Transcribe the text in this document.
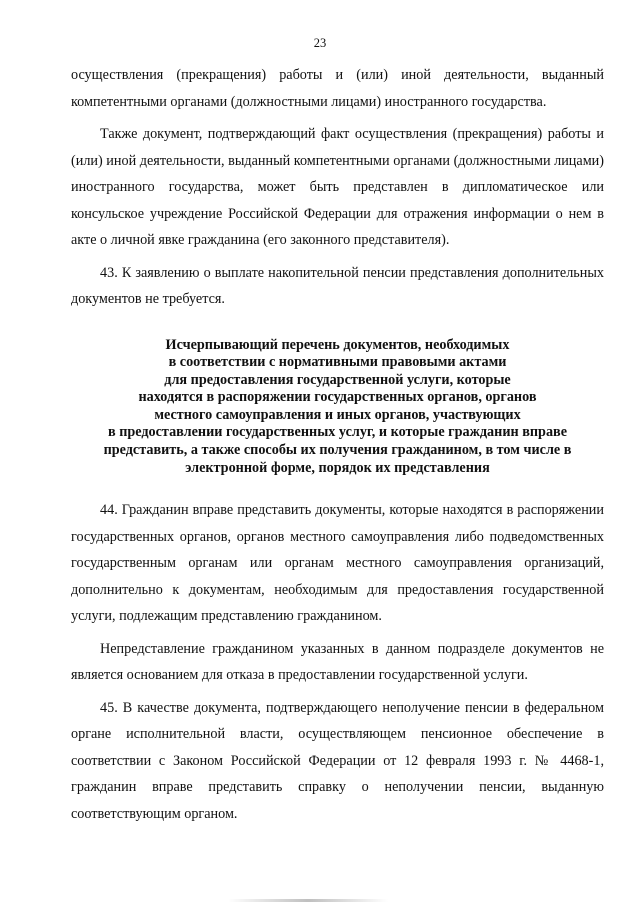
23

осуществления (прекращения) работы и (или) иной деятельности, выданный компетентными органами (должностными лицами) иностранного государства.

Также документ, подтверждающий факт осуществления (прекращения) работы и (или) иной деятельности, выданный компетентными органами (должностными лицами) иностранного государства, может быть представлен в дипломатическое или консульское учреждение Российской Федерации для отражения информации о нем в акте о личной явке гражданина (его законного представителя).

43. К заявлению о выплате накопительной пенсии представления дополнительных документов не требуется.

Исчерпывающий перечень документов, необходимых
в соответствии с нормативными правовыми актами
для предоставления государственной услуги, которые
находятся в распоряжении государственных органов, органов
местного самоуправления и иных органов, участвующих
в предоставлении государственных услуг, и которые гражданин вправе
представить, а также способы их получения гражданином, в том числе в
электронной форме, порядок их представления

44. Гражданин вправе представить документы, которые находятся в распоряжении государственных органов, органов местного самоуправления либо подведомственных государственным органам или органам местного самоуправления организаций, дополнительно к документам, необходимым для предоставления государственной услуги, подлежащим представлению гражданином.

Непредставление гражданином указанных в данном подразделе документов не является основанием для отказа в предоставлении государственной услуги.

45. В качестве документа, подтверждающего неполучение пенсии в федеральном органе исполнительной власти, осуществляющем пенсионное обеспечение в соответствии с Законом Российской Федерации от 12 февраля 1993 г. № 4468-1, гражданин вправе представить справку о неполучении пенсии, выданную соответствующим органом.
